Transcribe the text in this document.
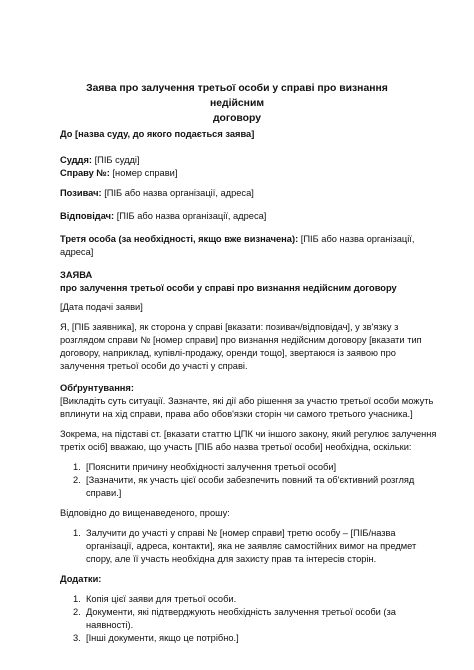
Заява про залучення третьої особи у справі про визнання недійсним
договору
До [назва суду, до якого подається заява]
Суддя: [ПІБ судді]
Справу №: [номер справи]
Позивач: [ПІБ або назва організації, адреса]
Відповідач: [ПІБ або назва організації, адреса]
Третя особа (за необхідності, якщо вже визначена): [ПІБ або назва організації,
адреса]
ЗАЯВА
про залучення третьої особи у справі про визнання недійсним договору
[Дата подачі заяви]
Я, [ПІБ заявника], як сторона у справі [вказати: позивач/відповідач], у зв'язку з
розглядом справи № [номер справи] про визнання недійсним договору [вказати тип
договору, наприклад, купівлі-продажу, оренди тощо], звертаюся із заявою про
залучення третьої особи до участі у справі.
Обґрунтування:
[Викладіть суть ситуації. Зазначте, які дії або рішення за участю третьої особи можуть
вплинути на хід справи, права або обов'язки сторін чи самого третього учасника.]
Зокрема, на підставі ст. [вказати статтю ЦПК чи іншого закону, який регулює залучення
третіх осіб] вважаю, що участь [ПІБ або назва третьої особи] необхідна, оскільки:
1. [Пояснити причину необхідності залучення третьої особи]
2. [Зазначити, як участь цієї особи забезпечить повний та об'єктивний розгляд
справи.]
Відповідно до вищенаведеного, прошу:
1. Залучити до участі у справі № [номер справи] третю особу – [ПІБ/назва
організації, адреса, контакти], яка не заявляє самостійних вимог на предмет
спору, але її участь необхідна для захисту прав та інтересів сторін.
Додатки:
1. Копія цієї заяви для третьої особи.
2. Документи, які підтверджують необхідність залучення третьої особи (за
наявності).
3. [Інші документи, якщо це потрібно.]
